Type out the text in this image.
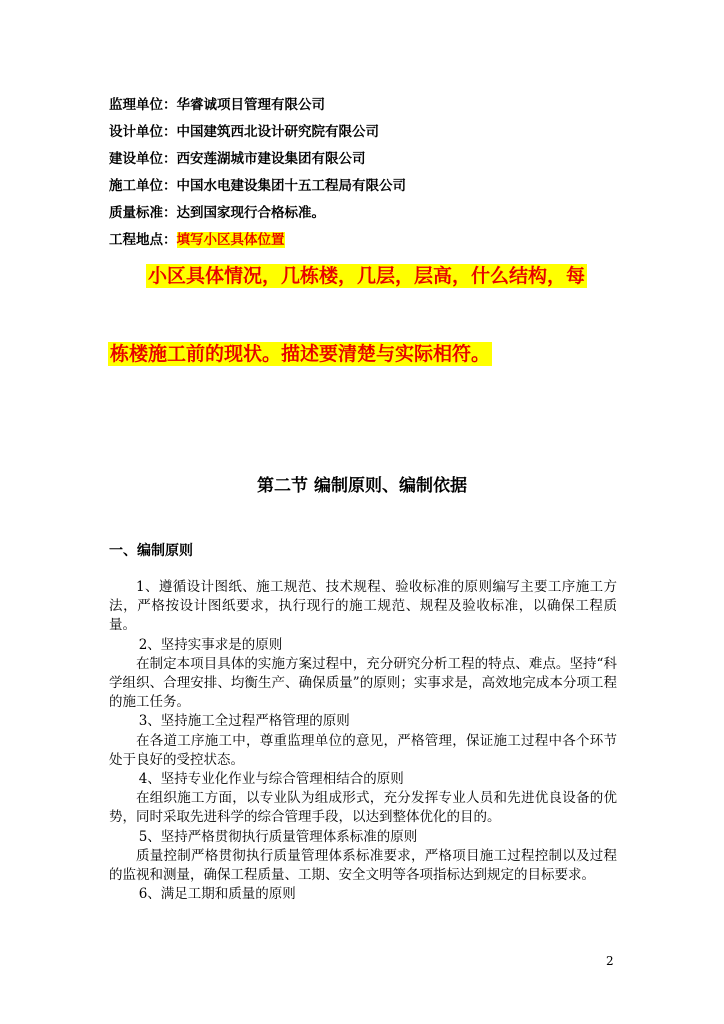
监理单位：华睿诚项目管理有限公司
设计单位：中国建筑西北设计研究院有限公司
建设单位：西安莲湖城市建设集团有限公司
施工单位：中国水电建设集团十五工程局有限公司
质量标准：达到国家现行合格标准。
工程地点：填写小区具体位置
小区具体情况，几栋楼，几层，层高，什么结构，每
栋楼施工前的现状。描述要清楚与实际相符。
第二节 编制原则、编制依据
一、编制原则

1、遵循设计图纸、施工规范、技术规程、验收标准的原则编写主要工序施工方法，严格按设计图纸要求，执行现行的施工规范、规程及验收标准，以确保工程质量。

2、坚持实事求是的原则

在制定本项目具体的实施方案过程中，充分研究分析工程的特点、难点。坚持“科学组织、合理安排、均衡生产、确保质量”的原则；实事求是，高效地完成本分项工程的施工任务。

3、坚持施工全过程严格管理的原则

在各道工序施工中，尊重监理单位的意见，严格管理，保证施工过程中各个环节处于良好的受控状态。

4、坚持专业化作业与综合管理相结合的原则

在组织施工方面，以专业队为组成形式，充分发挥专业人员和先进优良设备的优势，同时采取先进科学的综合管理手段，以达到整体优化的目的。

5、坚持严格贯彻执行质量管理体系标准的原则

质量控制严格贯彻执行质量管理体系标准要求，严格项目施工过程控制以及过程的监视和测量，确保工程质量、工期、安全文明等各项指标达到规定的目标要求。

6、满足工期和质量的原则

2
